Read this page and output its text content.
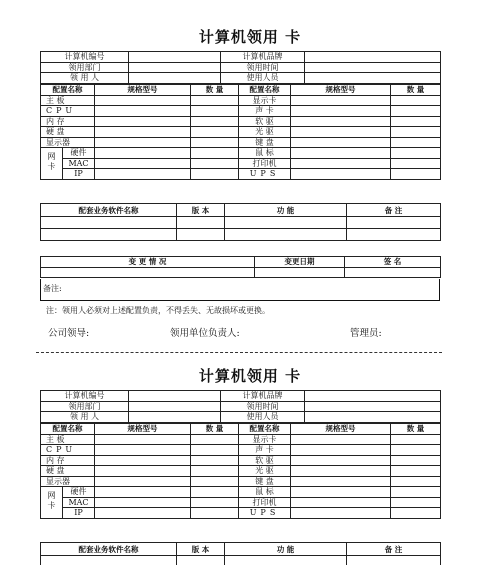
计算机领用 卡
计算机编号		计算机品牌	
领用部门		领用时间	
领 用 人		使用人员	
配置名称		规格型号	数 量	配置名称	规格型号	数 量
主 板				显示卡		
CPU				声 卡		
内 存				软 驱		
硬 盘				光 驱		
显示器				键 盘		
网卡	硬件			鼠 标		
	MAC			打印机		
	IP			UPS		
配套业务软件名称	版 本	功 能	备 注

变 更 情 况	变更日期	签 名

备注:
注：领用人必须对上述配置负责，不得丢失、无故损坏或更换。
公司领导:	领用单位负责人:	管理员:
计算机领用 卡
计算机编号		计算机品牌	
领用部门		领用时间	
领 用 人		使用人员	
配置名称		规格型号	数 量	配置名称	规格型号	数 量
主 板				显示卡		
CPU				声 卡		
内 存				软 驱		
硬 盘				光 驱		
显示器				键 盘		
网卡	硬件			鼠 标		
	MAC			打印机		
	IP			UPS		
配套业务软件名称	版 本	功 能	备 注
